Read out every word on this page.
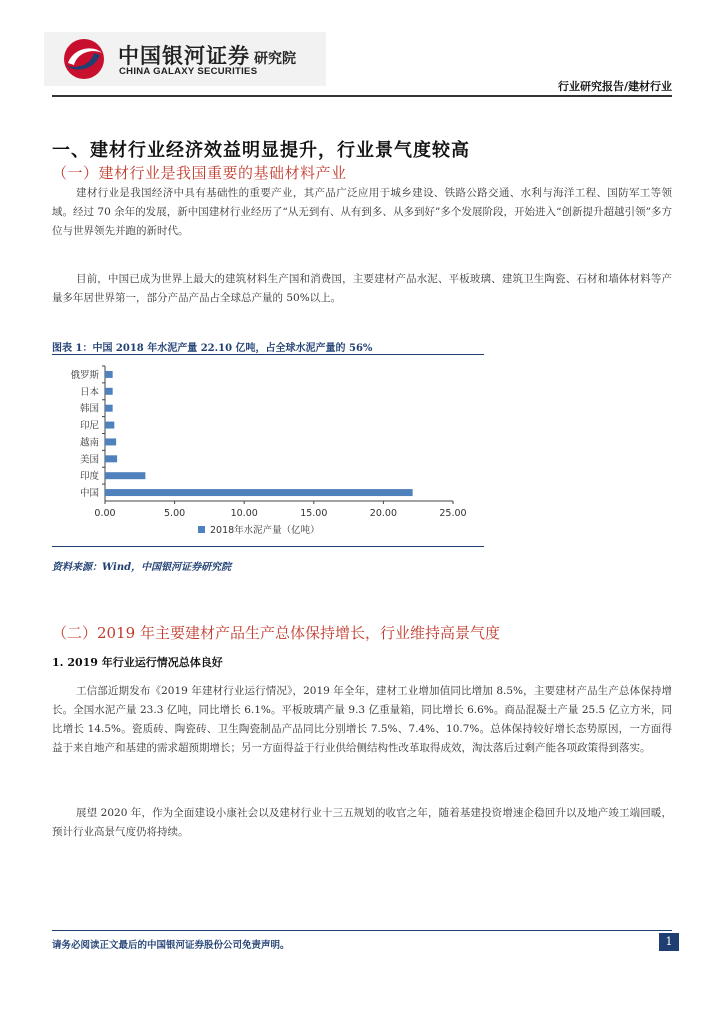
中国银河证券
CHINA GALAXY SECURITIES
研究院
行业研究报告/建材行业
一、建材行业经济效益明显提升，行业景气度较高
（一）建材行业是我国重要的基础材料产业

建材行业是我国经济中具有基础性的重要产业，其产品广泛应用于城乡建设、铁路公路交通、水利与海洋工程、国防军工等领域。经过 70 余年的发展，新中国建材行业经历了“从无到有、从有到多、从多到好”多个发展阶段，开始进入“创新提升超越引领”多方位与世界领先并跑的新时代。

目前，中国已成为世界上最大的建筑材料生产国和消费国，主要建材产品水泥、平板玻璃、建筑卫生陶瓷、石材和墙体材料等产量多年居世界第一，部分产品产品占全球总产量的 50%以上。

图表 1：中国 2018 年水泥产量 22.10 亿吨，占全球水泥产量的 56%
俄罗斯
日本
韩国
印尼
越南
美国
印度
中国
0.00	5.00	10.00	15.00	20.00	25.00
2018年水泥产量（亿吨）
资料来源：Wind，中国银河证券研究院
（二）2019 年主要建材产品生产总体保持增长，行业维持高景气度
1. 2019 年行业运行情况总体良好

工信部近期发布《2019 年建材行业运行情况》，2019 年全年，建材工业增加值同比增加 8.5%，主要建材产品生产总体保持增长。全国水泥产量 23.3 亿吨，同比增长 6.1%。平板玻璃产量 9.3 亿重量箱，同比增长 6.6%。商品混凝土产量 25.5 亿立方米，同比增长 14.5%。瓷质砖、陶瓷砖、卫生陶瓷制品产品同比分别增长 7.5%、7.4%、10.7%。总体保持较好增长态势原因，一方面得益于来自地产和基建的需求超预期增长；另一方面得益于行业供给侧结构性改革取得成效，淘汰落后过剩产能各项政策得到落实。

展望 2020 年，作为全面建设小康社会以及建材行业十三五规划的收官之年，随着基建投资增速企稳回升以及地产竣工端回暖，预计行业高景气度仍将持续。

请务必阅读正文最后的中国银河证券股份公司免责声明。	1
